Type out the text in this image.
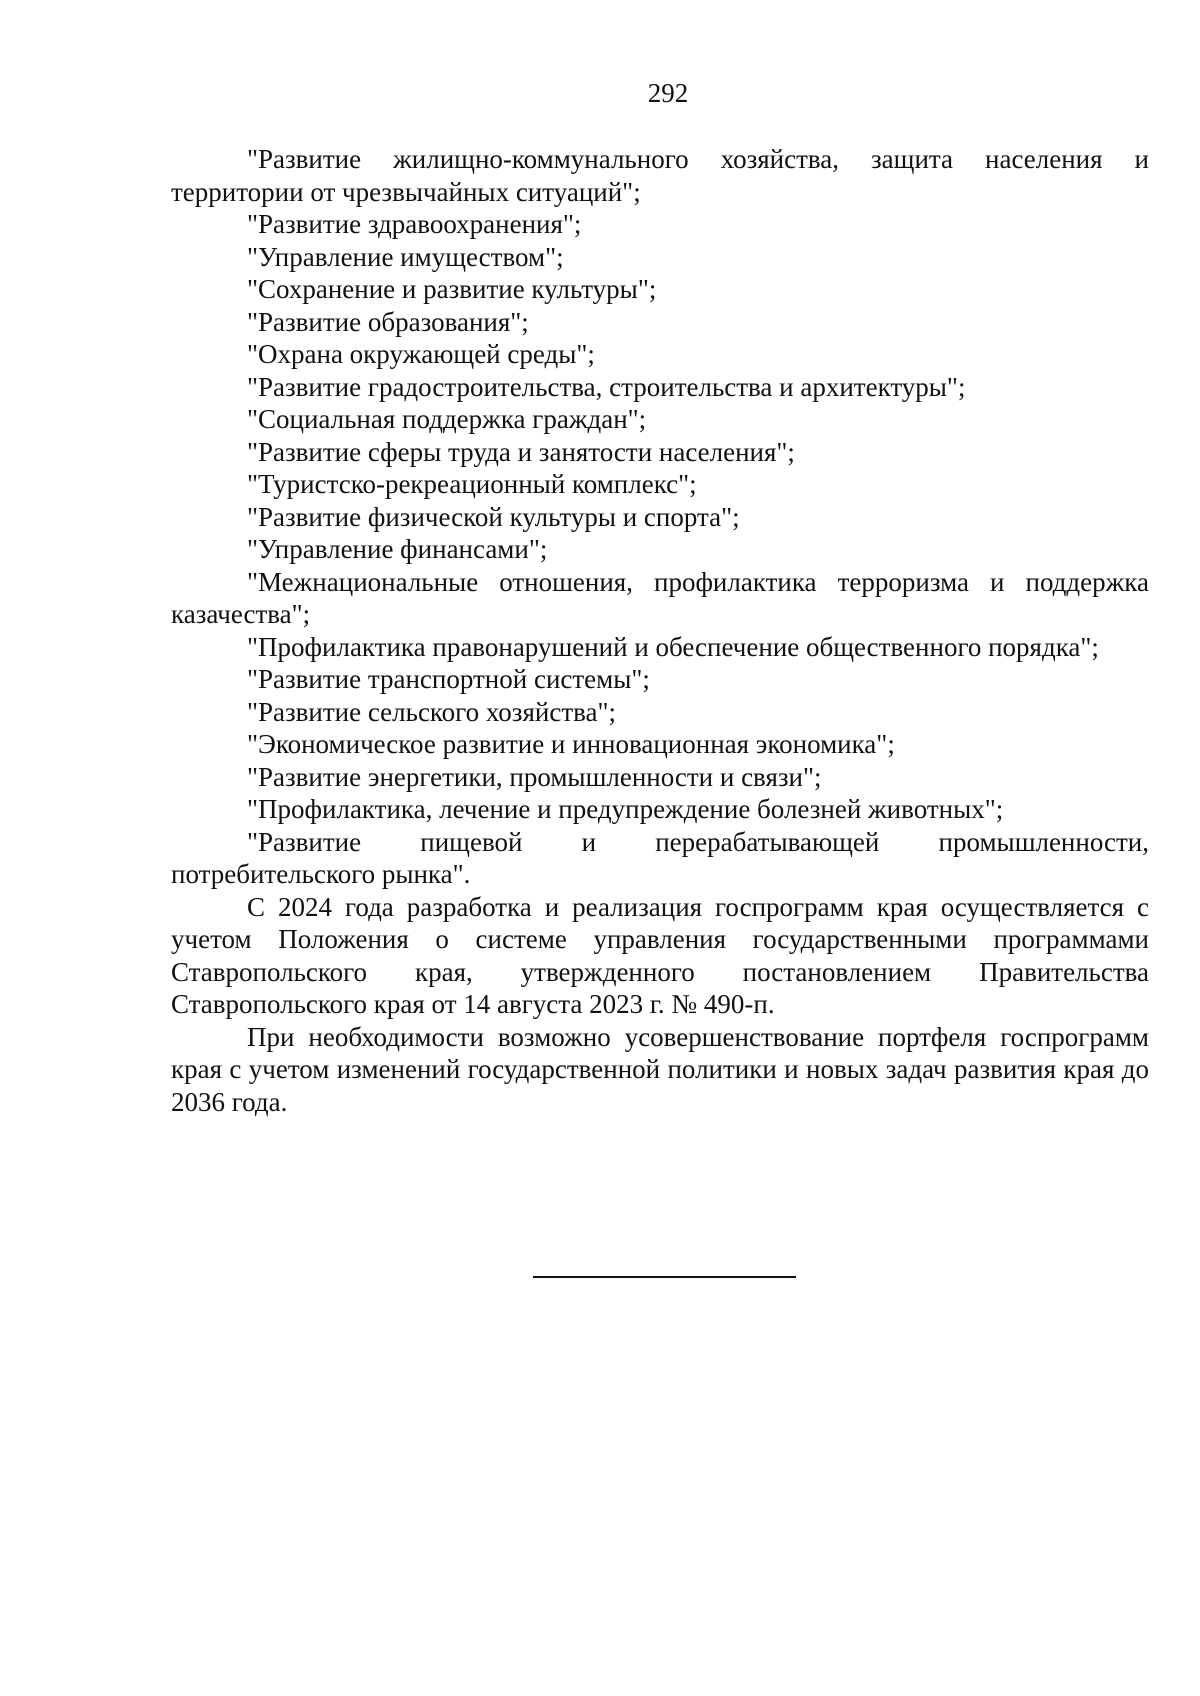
292
"Развитие жилищно-коммунального хозяйства, защита населения и территории от чрезвычайных ситуаций";
"Развитие здравоохранения";
"Управление имуществом";
"Сохранение и развитие культуры";
"Развитие образования";
"Охрана окружающей среды";
"Развитие градостроительства, строительства и архитектуры";
"Социальная поддержка граждан";
"Развитие сферы труда и занятости населения";
"Туристско-рекреационный комплекс";
"Развитие физической культуры и спорта";
"Управление финансами";
"Межнациональные отношения, профилактика терроризма и поддержка казачества";
"Профилактика правонарушений и обеспечение общественного порядка";
"Развитие транспортной системы";
"Развитие сельского хозяйства";
"Экономическое развитие и инновационная экономика";
"Развитие энергетики, промышленности и связи";
"Профилактика, лечение и предупреждение болезней животных";
"Развитие пищевой и перерабатывающей промышленности, потребительского рынка".

С 2024 года разработка и реализация госпрограмм края осуществляется с учетом Положения о системе управления государственными программами Ставропольского края, утвержденного постановлением Правительства Ставропольского края от 14 августа 2023 г. № 490-п.

При необходимости возможно усовершенствование портфеля госпрограмм края с учетом изменений государственной политики и новых задач развития края до 2036 года.
